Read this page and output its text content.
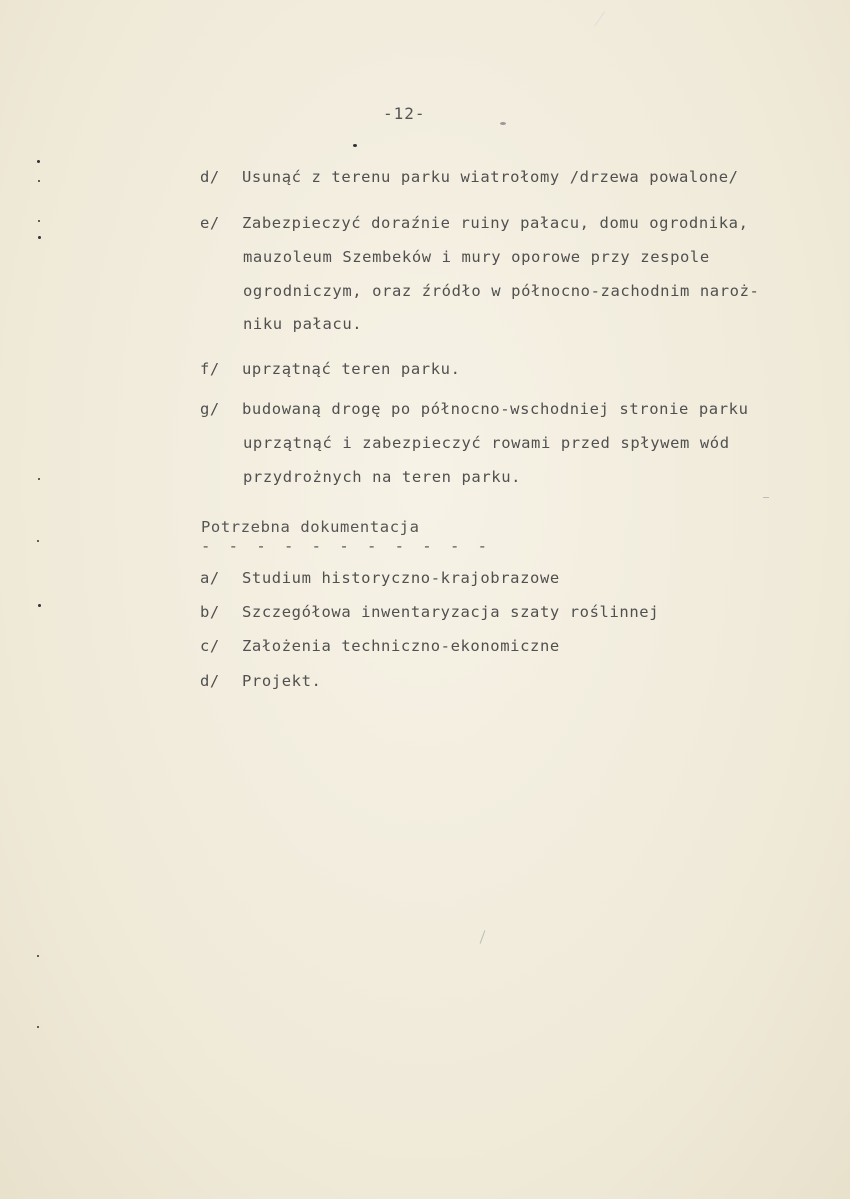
-12-
d/ Usunąć z terenu parku wiatrołomy /drzewa powalone/
e/ Zabezpieczyć doraźnie ruiny pałacu, domu ogrodnika,
mauzoleum Szembeków i mury oporowe przy zespole
ogrodniczym, oraz źródło w północno-zachodnim naroż-
niku pałacu.
f/ uprzątnąć teren parku.
g/ budowaną drogę po północno-wschodniej stronie parku
uprzątnąć i zabezpieczyć rowami przed spływem wód
przydrożnych na teren parku.
Potrzebna dokumentacja
- - - - - - - - - - -
a/ Studium historyczno-krajobrazowe
b/ Szczegółowa inwentaryzacja szaty roślinnej
c/ Założenia techniczno-ekonomiczne
d/ Projekt.
